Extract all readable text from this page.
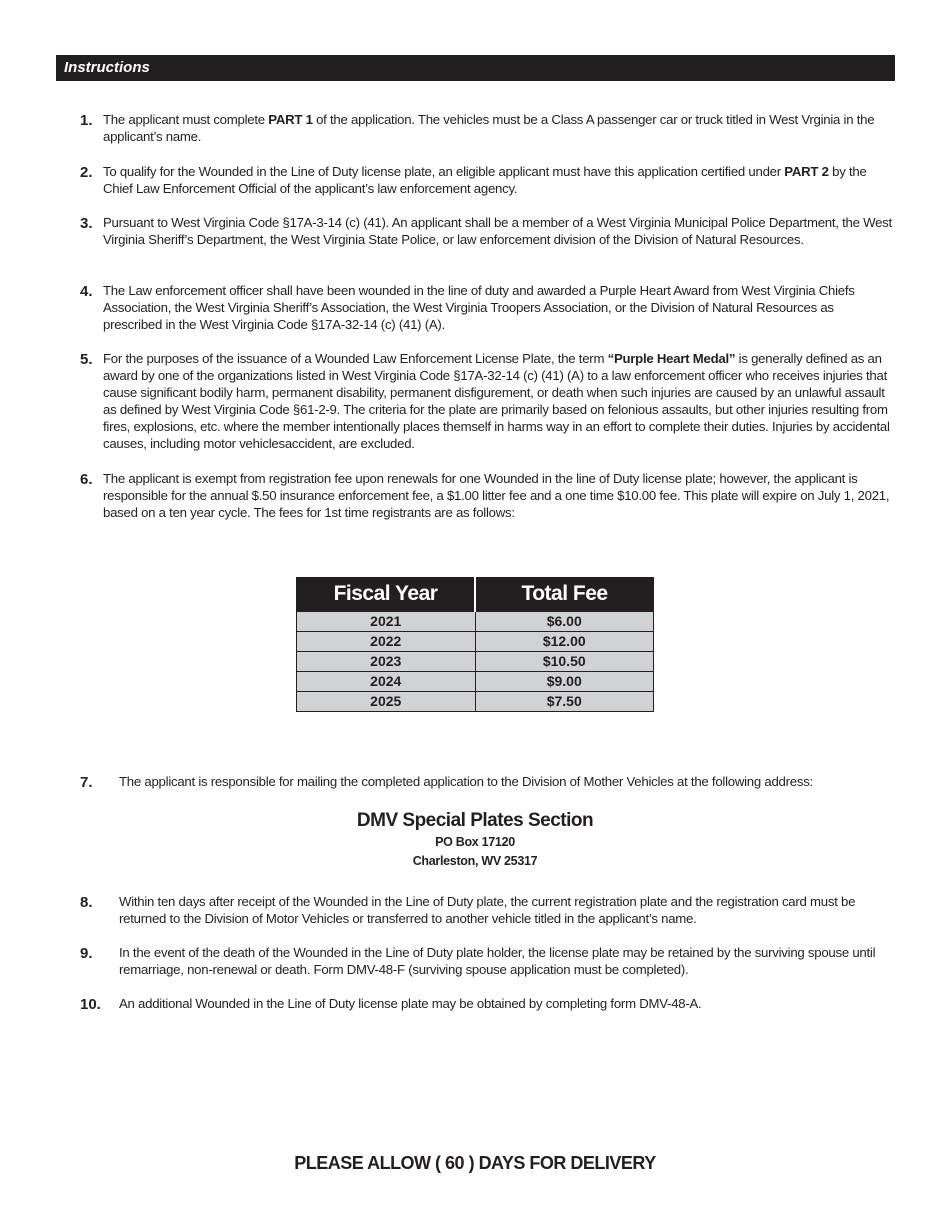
Instructions
1. The applicant must complete PART 1 of the application. The vehicles must be a Class A passenger car or truck titled in West Vrginia in the applicant’s name.
2. To qualify for the Wounded in the Line of Duty license plate, an eligible applicant must have this application certified under PART 2 by the Chief Law Enforcement Official of the applicant’s law enforcement agency.
3. Pursuant to West Virginia Code §17A-3-14 (c) (41). An applicant shall be a member of a West Virginia Municipal Police Department, the West Virginia Sheriff’s Department, the West Virginia State Police, or law enforcement division of the Division of Natural Resources.
4. The Law enforcement officer shall have been wounded in the line of duty and awarded a Purple Heart Award from West Virginia Chiefs Association, the West Virginia Sheriff’s Association, the West Virginia Troopers Association, or the Division of Natural Resources as prescribed in the West Virginia Code §17A-32-14 (c) (41) (A).
5. For the purposes of the issuance of a Wounded Law Enforcement License Plate, the term “Purple Heart Medal” is generally defined as an award by one of the organizations listed in West Virginia Code §17A-32-14 (c) (41) (A) to a law enforcement officer who receives injuries that cause significant bodily harm, permanent disability, permanent disfigurement, or death when such injuries are caused by an unlawful assault as defined by West Virginia Code §61-2-9. The criteria for the plate are primarily based on felonious assaults, but other injuries resulting from fires, explosions, etc. where the member intentionally places themself in harms way in an effort to complete their duties. Injuries by accidental causes, including motor vehiclesaccident, are excluded.
6. The applicant is exempt from registration fee upon renewals for one Wounded in the line of Duty license plate; however, the applicant is responsible for the annual $.50 insurance enforcement fee, a $1.00 litter fee and a one time $10.00 fee. This plate will expire on July 1, 2021, based on a ten year cycle. The fees for 1st time registrants are as follows:
Fiscal Year	Total Fee
2021	$6.00
2022	$12.00
2023	$10.50
2024	$9.00
2025	$7.50
7. The applicant is responsible for mailing the completed application to the Division of Mother Vehicles at the following address:
DMV Special Plates Section
PO Box 17120
Charleston, WV 25317
8. Within ten days after receipt of the Wounded in the Line of Duty plate, the current registration plate and the registration card must be returned to the Division of Motor Vehicles or transferred to another vehicle titled in the applicant’s name.
9. In the event of the death of the Wounded in the Line of Duty plate holder, the license plate may be retained by the surviving spouse until remarriage, non-renewal or death. Form DMV-48-F (surviving spouse application must be completed).
10. An additional Wounded in the Line of Duty license plate may be obtained by completing form DMV-48-A.
PLEASE ALLOW ( 60 ) DAYS FOR DELIVERY
